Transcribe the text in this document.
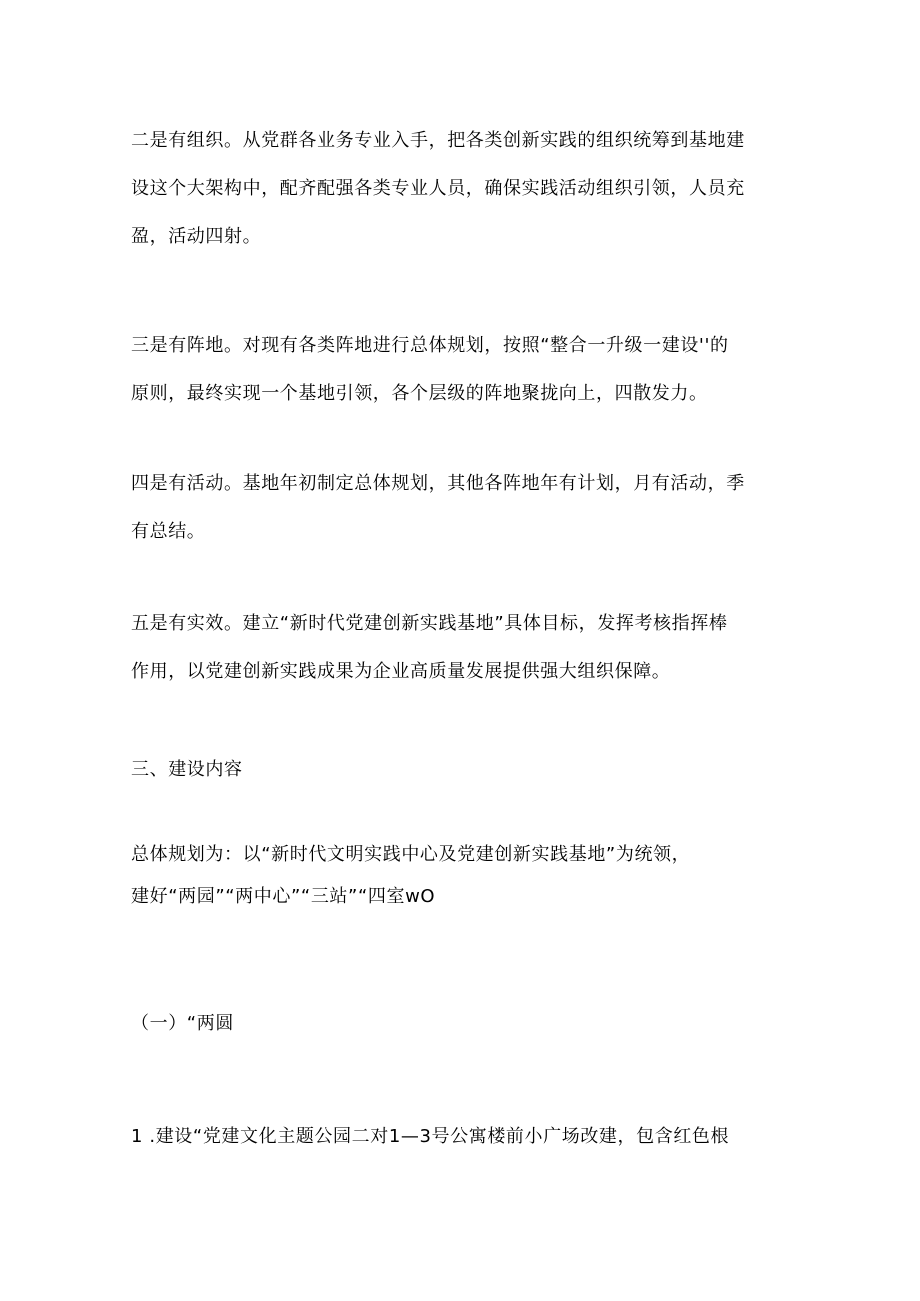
二是有组织。从党群各业务专业入手，把各类创新实践的组织统筹到基地建
设这个大架构中，配齐配强各类专业人员，确保实践活动组织引领，人员充
盈，活动四射。
三是有阵地。对现有各类阵地进行总体规划，按照“整合一升级一建设''的
原则，最终实现一个基地引领，各个层级的阵地聚拢向上，四散发力。
四是有活动。基地年初制定总体规划，其他各阵地年有计划，月有活动，季
有总结。
五是有实效。建立“新时代党建创新实践基地”具体目标，发挥考核指挥棒
作用，以党建创新实践成果为企业高质量发展提供强大组织保障。
三、建设内容
总体规划为：以“新时代文明实践中心及党建创新实践基地”为统领，
建好“两园”“两中心”“三站”“四室wO
（一）“两圆
1 .建设“党建文化主题公园二对1—3号公寓楼前小广场改建，包含红色根
